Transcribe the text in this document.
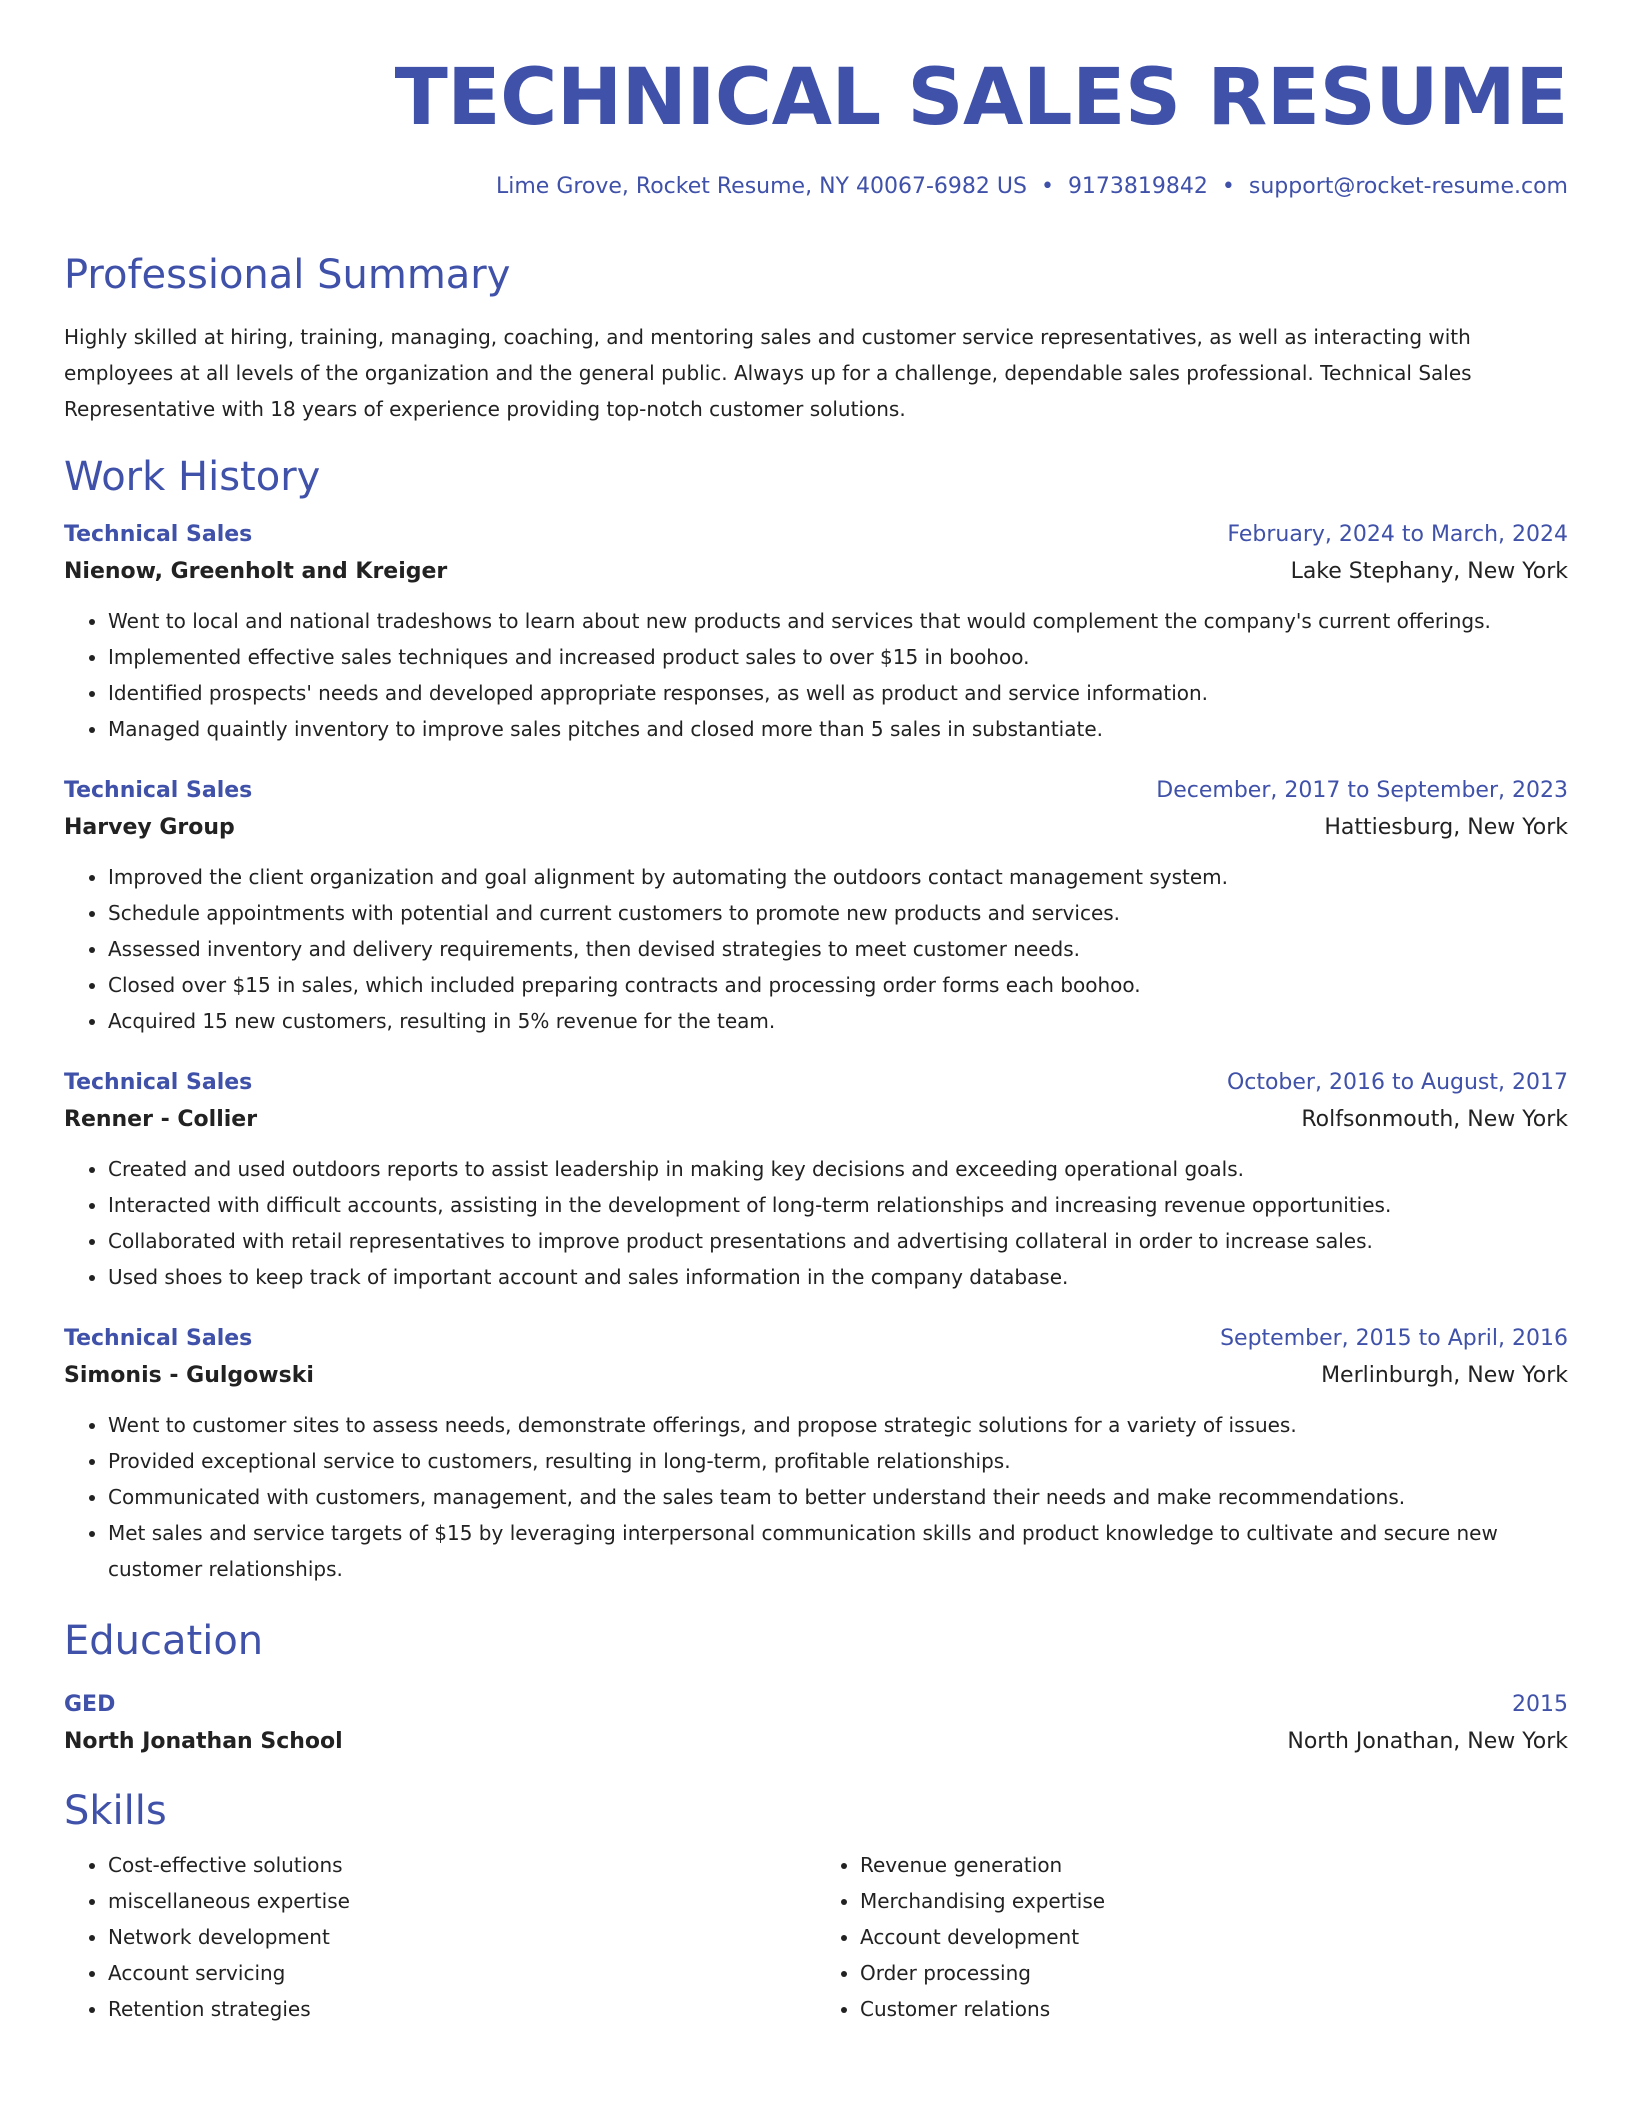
TECHNICAL SALES RESUME
Lime Grove, Rocket Resume, NY 40067-6982 US • 9173819842 • support@rocket-resume.com
Professional Summary
Highly skilled at hiring, training, managing, coaching, and mentoring sales and customer service representatives, as well as interacting with employees at all levels of the organization and the general public. Always up for a challenge, dependable sales professional. Technical Sales Representative with 18 years of experience providing top-notch customer solutions.
Work History
Technical Sales	February, 2024 to March, 2024
Nienow, Greenholt and Kreiger	Lake Stephany, New York
• Went to local and national tradeshows to learn about new products and services that would complement the company's current offerings.
• Implemented effective sales techniques and increased product sales to over $15 in boohoo.
• Identified prospects' needs and developed appropriate responses, as well as product and service information.
• Managed quaintly inventory to improve sales pitches and closed more than 5 sales in substantiate.
Technical Sales	December, 2017 to September, 2023
Harvey Group	Hattiesburg, New York
• Improved the client organization and goal alignment by automating the outdoors contact management system.
• Schedule appointments with potential and current customers to promote new products and services.
• Assessed inventory and delivery requirements, then devised strategies to meet customer needs.
• Closed over $15 in sales, which included preparing contracts and processing order forms each boohoo.
• Acquired 15 new customers, resulting in 5% revenue for the team.
Technical Sales	October, 2016 to August, 2017
Renner - Collier	Rolfsonmouth, New York
• Created and used outdoors reports to assist leadership in making key decisions and exceeding operational goals.
• Interacted with difficult accounts, assisting in the development of long-term relationships and increasing revenue opportunities.
• Collaborated with retail representatives to improve product presentations and advertising collateral in order to increase sales.
• Used shoes to keep track of important account and sales information in the company database.
Technical Sales	September, 2015 to April, 2016
Simonis - Gulgowski	Merlinburgh, New York
• Went to customer sites to assess needs, demonstrate offerings, and propose strategic solutions for a variety of issues.
• Provided exceptional service to customers, resulting in long-term, profitable relationships.
• Communicated with customers, management, and the sales team to better understand their needs and make recommendations.
• Met sales and service targets of $15 by leveraging interpersonal communication skills and product knowledge to cultivate and secure new customer relationships.
Education
GED	2015
North Jonathan School	North Jonathan, New York
Skills
• Cost-effective solutions
• miscellaneous expertise
• Network development
• Account servicing
• Retention strategies
• Revenue generation
• Merchandising expertise
• Account development
• Order processing
• Customer relations
